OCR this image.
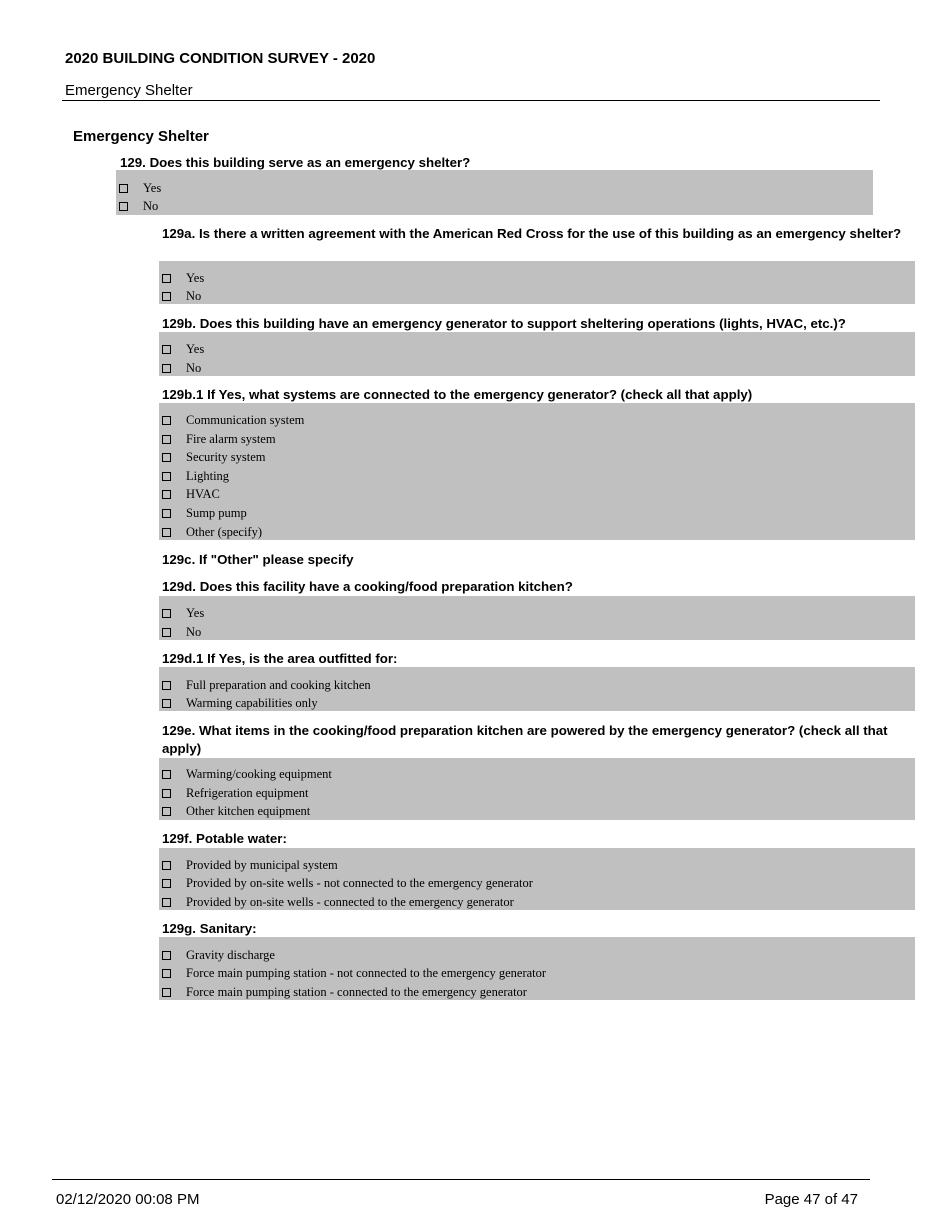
2020 BUILDING CONDITION SURVEY - 2020
Emergency Shelter
Emergency Shelter
129. Does this building serve as an emergency shelter?
Yes
No
129a. Is there a written agreement with the American Red Cross for the use of this building as an emergency shelter?
Yes
No
129b. Does this building have an emergency generator to support sheltering operations (lights, HVAC, etc.)?
Yes
No
129b.1 If Yes, what systems are connected to the emergency generator? (check all that apply)
Communication system
Fire alarm system
Security system
Lighting
HVAC
Sump pump
Other (specify)
129c. If "Other" please specify
129d. Does this facility have a cooking/food preparation kitchen?
Yes
No
129d.1 If Yes, is the area outfitted for:
Full preparation and cooking kitchen
Warming capabilities only
129e. What items in the cooking/food preparation kitchen are powered by the emergency generator? (check all that apply)
Warming/cooking equipment
Refrigeration equipment
Other kitchen equipment
129f. Potable water:
Provided by municipal system
Provided by on-site wells - not connected to the emergency generator
Provided by on-site wells - connected to the emergency generator
129g. Sanitary:
Gravity discharge
Force main pumping station - not connected to the emergency generator
Force main pumping station - connected to the emergency generator
02/12/2020 00:08 PM	Page 47 of 47
